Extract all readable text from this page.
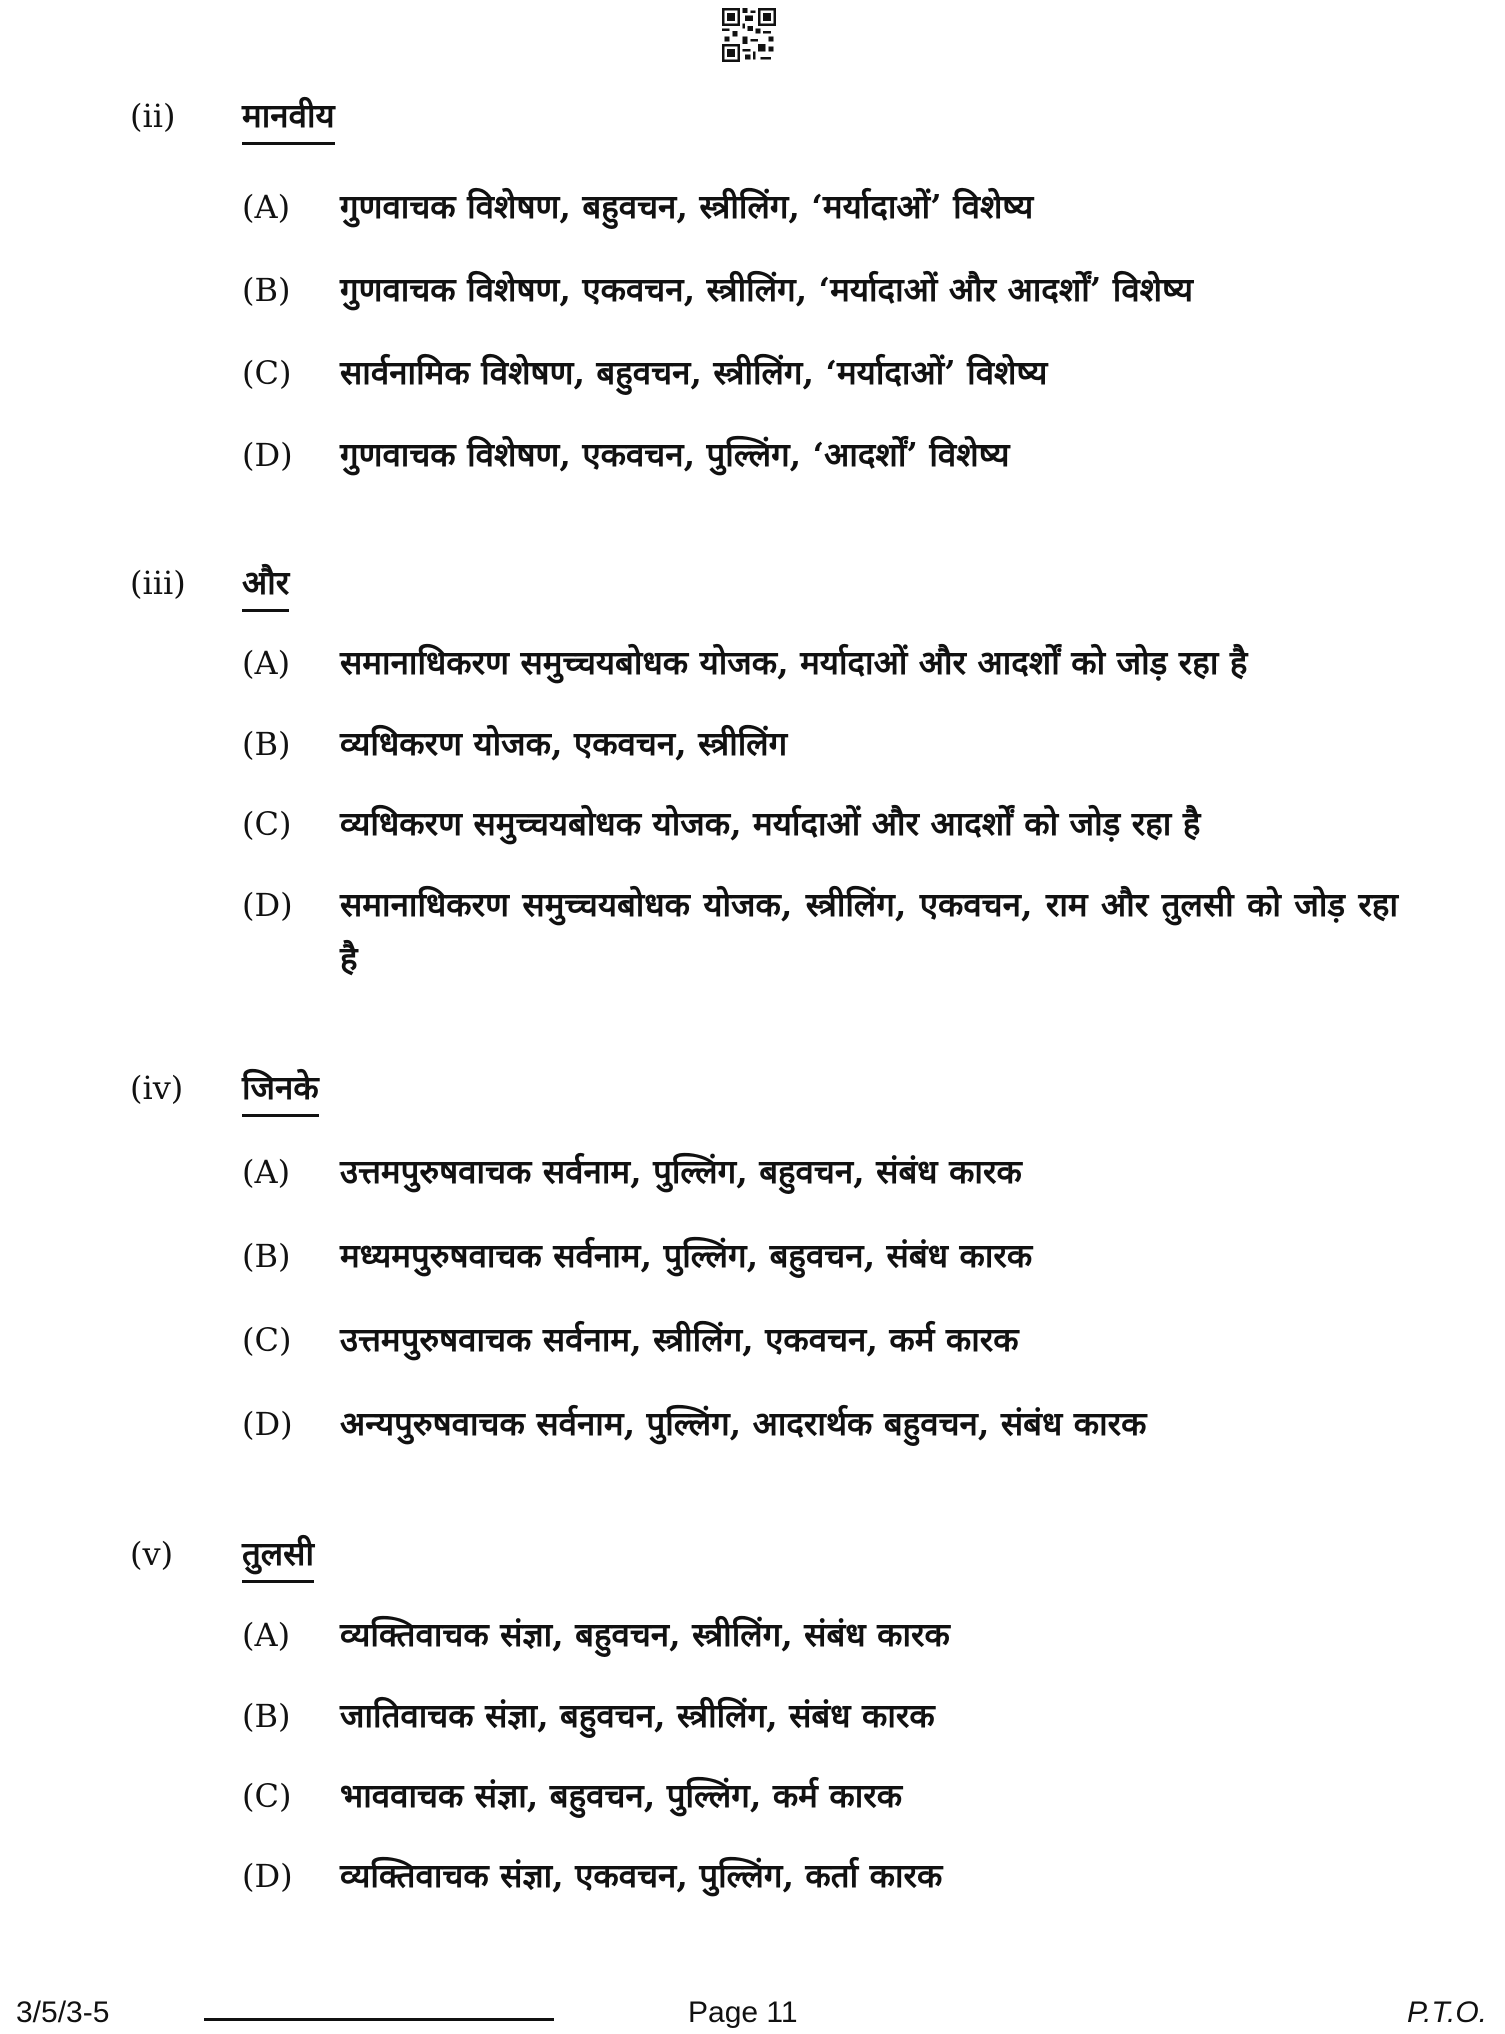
(ii) मानवीय
(A) गुणवाचक विशेषण, बहुवचन, स्त्रीलिंग, ‘मर्यादाओं’ विशेष्य
(B) गुणवाचक विशेषण, एकवचन, स्त्रीलिंग, ‘मर्यादाओं और आदर्शों’ विशेष्य
(C) सार्वनामिक विशेषण, बहुवचन, स्त्रीलिंग, ‘मर्यादाओं’ विशेष्य
(D) गुणवाचक विशेषण, एकवचन, पुल्लिंग, ‘आदर्शों’ विशेष्य
(iii) और
(A) समानाधिकरण समुच्चयबोधक योजक, मर्यादाओं और आदर्शों को जोड़ रहा है
(B) व्यधिकरण योजक, एकवचन, स्त्रीलिंग
(C) व्यधिकरण समुच्चयबोधक योजक, मर्यादाओं और आदर्शों को जोड़ रहा है
(D) समानाधिकरण समुच्चयबोधक योजक, स्त्रीलिंग, एकवचन, राम और तुलसी को जोड़ रहा है
(iv) जिनके
(A) उत्तमपुरुषवाचक सर्वनाम, पुल्लिंग, बहुवचन, संबंध कारक
(B) मध्यमपुरुषवाचक सर्वनाम, पुल्लिंग, बहुवचन, संबंध कारक
(C) उत्तमपुरुषवाचक सर्वनाम, स्त्रीलिंग, एकवचन, कर्म कारक
(D) अन्यपुरुषवाचक सर्वनाम, पुल्लिंग, आदरार्थक बहुवचन, संबंध कारक
(v) तुलसी
(A) व्यक्तिवाचक संज्ञा, बहुवचन, स्त्रीलिंग, संबंध कारक
(B) जातिवाचक संज्ञा, बहुवचन, स्त्रीलिंग, संबंध कारक
(C) भाववाचक संज्ञा, बहुवचन, पुल्लिंग, कर्म कारक
(D) व्यक्तिवाचक संज्ञा, एकवचन, पुल्लिंग, कर्ता कारक
3/5/3-5	Page 11	P.T.O.
